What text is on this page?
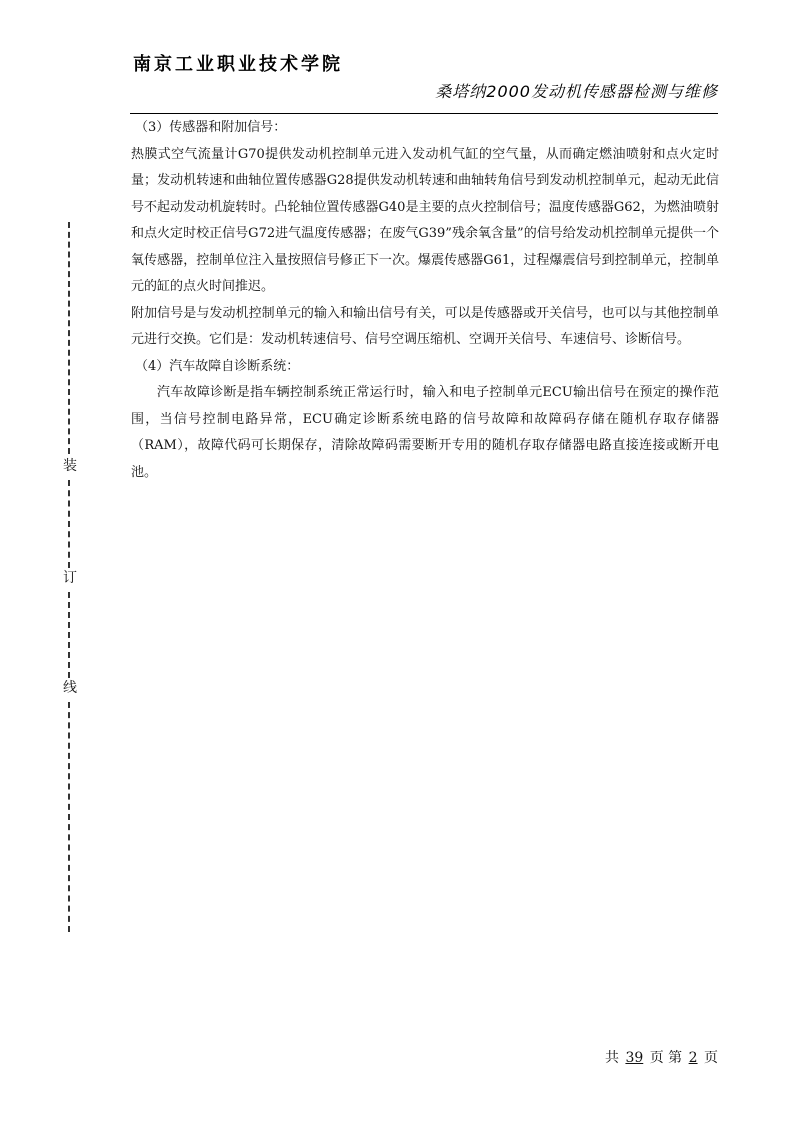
南京工业职业技术学院
桑塔纳2000发动机传感器检测与维修
装
订
线

（3）传感器和附加信号：

热膜式空气流量计G70提供发动机控制单元进入发动机气缸的空气量，从而确定燃油喷射和点火定时量；发动机转速和曲轴位置传感器G28提供发动机转速和曲轴转角信号到发动机控制单元，起动无此信号不起动发动机旋转时。凸轮轴位置传感器G40是主要的点火控制信号；温度传感器G62，为燃油喷射和点火定时校正信号G72进气温度传感器；在废气G39”残余氧含量”的信号给发动机控制单元提供一个氧传感器，控制单位注入量按照信号修正下一次。爆震传感器G61，过程爆震信号到控制单元，控制单元的缸的点火时间推迟。

附加信号是与发动机控制单元的输入和输出信号有关，可以是传感器或开关信号，也可以与其他控制单元进行交换。它们是：发动机转速信号、信号空调压缩机、空调开关信号、车速信号、诊断信号。

（4）汽车故障自诊断系统：

汽车故障诊断是指车辆控制系统正常运行时，输入和电子控制单元ECU输出信号在预定的操作范围，当信号控制电路异常，ECU确定诊断系统电路的信号故障和故障码存储在随机存取存储器（RAM），故障代码可长期保存，清除故障码需要断开专用的随机存取存储器电路直接连接或断开电池。

共 39 页 第 2 页
